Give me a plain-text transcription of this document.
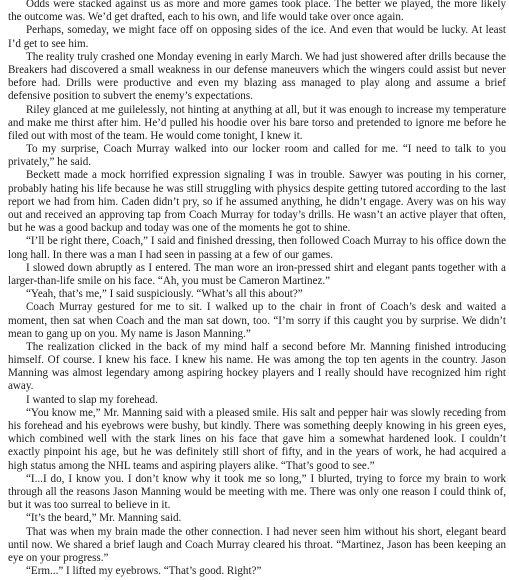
Odds were stacked against us as more and more games took place. The better we played, the more likely the outcome was. We’d get drafted, each to his own, and life would take over once again.

Perhaps, someday, we might face off on opposing sides of the ice. And even that would be lucky. At least I’d get to see him.

The reality truly crashed one Monday evening in early March. We had just showered after drills because the Breakers had discovered a small weakness in our defense maneuvers which the wingers could assist but never before had. Drills were productive and even my blazing ass managed to play along and assume a brief defensive position to subvert the enemy’s expectations.

Riley glanced at me guilelessly, not hinting at anything at all, but it was enough to increase my temperature and make me thirst after him. He’d pulled his hoodie over his bare torso and pretended to ignore me before he filed out with most of the team. He would come tonight, I knew it.

To my surprise, Coach Murray walked into our locker room and called for me. “I need to talk to you privately,” he said.

Beckett made a mock horrified expression signaling I was in trouble. Sawyer was pouting in his corner, probably hating his life because he was still struggling with physics despite getting tutored according to the last report we had from him. Caden didn’t pry, so if he assumed anything, he didn’t engage. Avery was on his way out and received an approving tap from Coach Murray for today’s drills. He wasn’t an active player that often, but he was a good backup and today was one of the moments he got to shine.

“I’ll be right there, Coach,” I said and finished dressing, then followed Coach Murray to his office down the long hall. In there was a man I had seen in passing at a few of our games.

I slowed down abruptly as I entered. The man wore an iron-pressed shirt and elegant pants together with a larger-than-life smile on his face. “Ah, you must be Cameron Martinez.”

“Yeah, that’s me,” I said suspiciously. “What’s all this about?”

Coach Murray gestured for me to sit. I walked up to the chair in front of Coach’s desk and waited a moment, then sat when Coach and the man sat down, too. “I’m sorry if this caught you by surprise. We didn’t mean to gang up on you. My name is Jason Manning.”

The realization clicked in the back of my mind half a second before Mr. Manning finished introducing himself. Of course. I knew his face. I knew his name. He was among the top ten agents in the country. Jason Manning was almost legendary among aspiring hockey players and I really should have recognized him right away.

I wanted to slap my forehead.

“You know me,” Mr. Manning said with a pleased smile. His salt and pepper hair was slowly receding from his forehead and his eyebrows were bushy, but kindly. There was something deeply knowing in his green eyes, which combined well with the stark lines on his face that gave him a somewhat hardened look. I couldn’t exactly pinpoint his age, but he was definitely still short of fifty, and in the years of work, he had acquired a high status among the NHL teams and aspiring players alike. “That’s good to see.”

“I...I do, I know you. I don’t know why it took me so long,” I blurted, trying to force my brain to work through all the reasons Jason Manning would be meeting with me. There was only one reason I could think of, but it was too surreal to believe in it.

“It’s the beard,” Mr. Manning said.

That was when my brain made the other connection. I had never seen him without his short, elegant beard until now. We shared a brief laugh and Coach Murray cleared his throat. “Martinez, Jason has been keeping an eye on your progress.”

“Erm...” I lifted my eyebrows. “That’s good. Right?”
